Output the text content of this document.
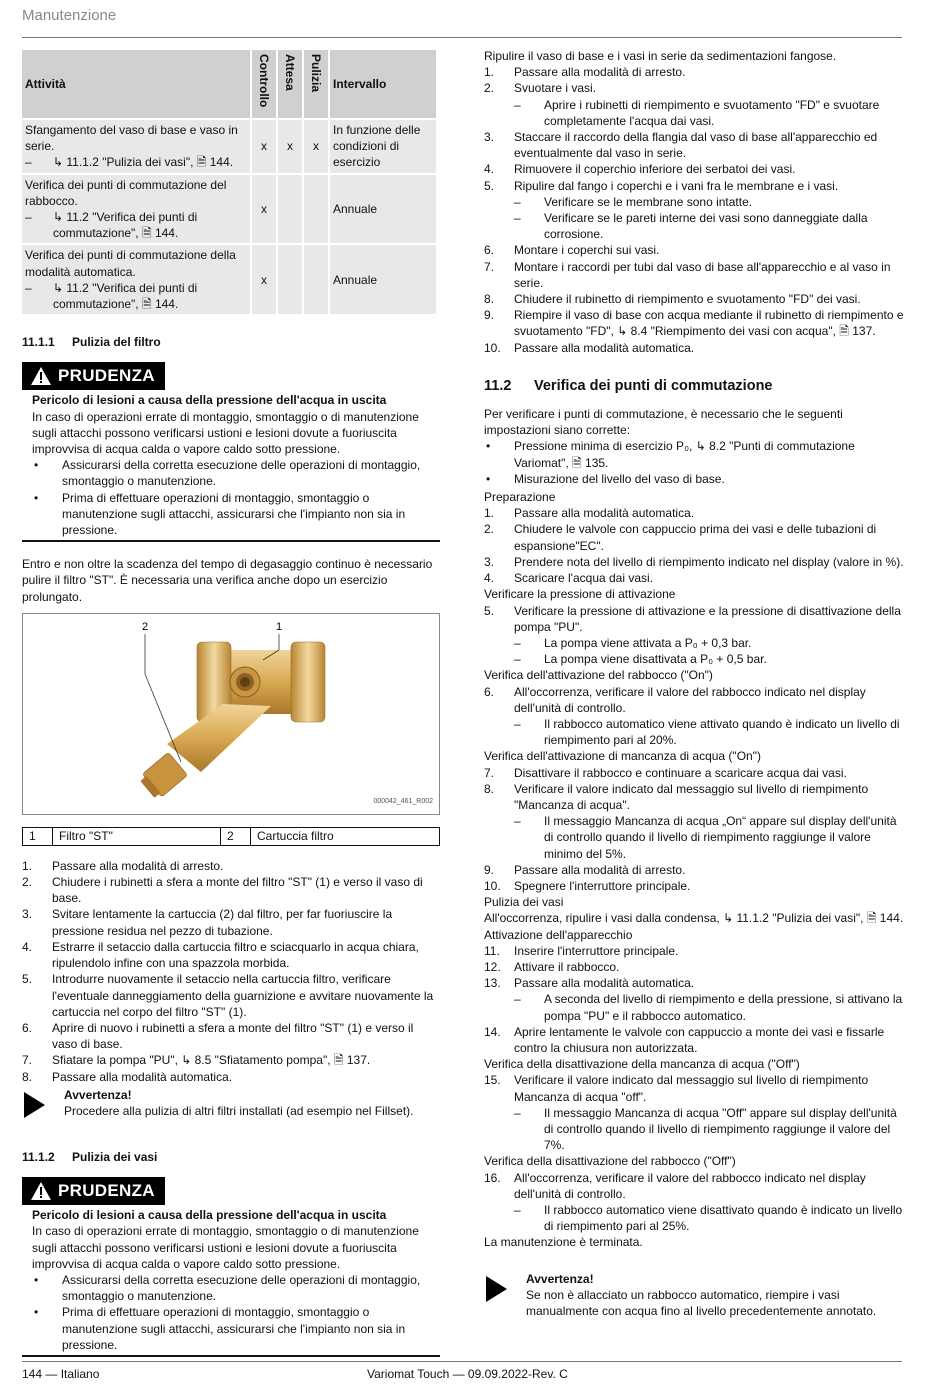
Manutenzione
Attività	Controllo	Attesa	Pulizia	Intervallo

Sfangamento del vaso di base e vaso in serie.
– ↳ 11.1.2 "Pulizia dei vasi", 🗎 144.	x	x	x	In funzione delle condizioni di esercizio

Verifica dei punti di commutazione del rabbocco.
– ↳ 11.2 "Verifica dei punti di commutazione", 🗎 144.	x			Annuale

Verifica dei punti di commutazione della modalità automatica.
– ↳ 11.2 "Verifica dei punti di commutazione", 🗎 144.	x			Annuale
11.1.1 Pulizia del filtro
PRUDENZA

Pericolo di lesioni a causa della pressione dell'acqua in uscita

In caso di operazioni errate di montaggio, smontaggio o di manutenzione sugli attacchi possono verificarsi ustioni e lesioni dovute a fuoriuscita improvvisa di acqua calda o vapore caldo sotto pressione.

•	Assicurarsi della corretta esecuzione delle operazioni di montaggio, smontaggio o manutenzione.
•	Prima di effettuare operazioni di montaggio, smontaggio o manutenzione sugli attacchi, assicurarsi che l'impianto non sia in pressione.

Entro e non oltre la scadenza del tempo di degasaggio continuo è necessario pulire il filtro "ST". È necessaria una verifica anche dopo un esercizio prolungato.

2	1
000042_461_R002
1	Filtro "ST"	2	Cartuccia filtro
1.	Passare alla modalità di arresto.
2.	Chiudere i rubinetti a sfera a monte del filtro "ST" (1) e verso il vaso di base.
3.	Svitare lentamente la cartuccia (2) dal filtro, per far fuoriuscire la pressione residua nel pezzo di tubazione.
4.	Estrarre il setaccio dalla cartuccia filtro e sciacquarlo in acqua chiara, ripulendolo infine con una spazzola morbida.
5.	Introdurre nuovamente il setaccio nella cartuccia filtro, verificare l'eventuale danneggiamento della guarnizione e avvitare nuovamente la cartuccia nel corpo del filtro "ST" (1).
6.	Aprire di nuovo i rubinetti a sfera a monte del filtro "ST" (1) e verso il vaso di base.
7.	Sfiatare la pompa "PU", ↳ 8.5 "Sfiatamento pompa", 🗎 137.
8.	Passare alla modalità automatica.

Avvertenza!

Procedere alla pulizia di altri filtri installati (ad esempio nel Fillset).

11.1.2 Pulizia dei vasi
PRUDENZA

Pericolo di lesioni a causa della pressione dell'acqua in uscita

In caso di operazioni errate di montaggio, smontaggio o di manutenzione sugli attacchi possono verificarsi ustioni e lesioni dovute a fuoriuscita improvvisa di acqua calda o vapore caldo sotto pressione.

•	Assicurarsi della corretta esecuzione delle operazioni di montaggio, smontaggio o manutenzione.
•	Prima di effettuare operazioni di montaggio, smontaggio o manutenzione sugli attacchi, assicurarsi che l'impianto non sia in pressione.

Ripulire il vaso di base e i vasi in serie da sedimentazioni fangose.

1.	Passare alla modalità di arresto.
2.	Svuotare i vasi.
–	Aprire i rubinetti di riempimento e svuotamento "FD" e svuotare completamente l'acqua dai vasi.
3.	Staccare il raccordo della flangia dal vaso di base all'apparecchio ed eventualmente dal vaso in serie.
4.	Rimuovere il coperchio inferiore dei serbatoi dei vasi.
5.	Ripulire dal fango i coperchi e i vani fra le membrane e i vasi.
–	Verificare se le membrane sono intatte.
–	Verificare se le pareti interne dei vasi sono danneggiate dalla corrosione.
6.	Montare i coperchi sui vasi.
7.	Montare i raccordi per tubi dal vaso di base all'apparecchio e al vaso in serie.
8.	Chiudere il rubinetto di riempimento e svuotamento "FD" dei vasi.
9.	Riempire il vaso di base con acqua mediante il rubinetto di riempimento e svuotamento "FD", ↳ 8.4 "Riempimento dei vasi con acqua", 🗎 137.
10.	Passare alla modalità automatica.
11.2 Verifica dei punti di commutazione

Per verificare i punti di commutazione, è necessario che le seguenti impostazioni siano corrette:

•	Pressione minima di esercizio P₀, ↳ 8.2 "Punti di commutazione Variomat", 🗎 135.
•	Misurazione del livello del vaso di base.

Preparazione

1.	Passare alla modalità automatica.
2.	Chiudere le valvole con cappuccio prima dei vasi e delle tubazioni di espansione"EC".
3.	Prendere nota del livello di riempimento indicato nel display (valore in %).
4.	Scaricare l'acqua dai vasi.

Verificare la pressione di attivazione

5.	Verificare la pressione di attivazione e la pressione di disattivazione della pompa "PU".
–	La pompa viene attivata a P₀ + 0,3 bar.
–	La pompa viene disattivata a P₀ + 0,5 bar.

Verifica dell'attivazione del rabbocco ("On")

6.	All'occorrenza, verificare il valore del rabbocco indicato nel display dell'unità di controllo.
–	Il rabbocco automatico viene attivato quando è indicato un livello di riempimento pari al 20%.

Verifica dell'attivazione di mancanza di acqua ("On")

7.	Disattivare il rabbocco e continuare a scaricare acqua dai vasi.
8.	Verificare il valore indicato dal messaggio sul livello di riempimento "Mancanza di acqua".
–	Il messaggio Mancanza di acqua „On“ appare sul display dell'unità di controllo quando il livello di riempimento raggiunge il valore minimo del 5%.
9.	Passare alla modalità di arresto.
10.	Spegnere l'interruttore principale.

Pulizia dei vasi

All'occorrenza, ripulire i vasi dalla condensa, ↳ 11.1.2 "Pulizia dei vasi", 🗎 144.

Attivazione dell'apparecchio

11.	Inserire l'interruttore principale.
12.	Attivare il rabbocco.
13.	Passare alla modalità automatica.
–	A seconda del livello di riempimento e della pressione, si attivano la pompa "PU" e il rabbocco automatico.
14.	Aprire lentamente le valvole con cappuccio a monte dei vasi e fissarle contro la chiusura non autorizzata.

Verifica della disattivazione della mancanza di acqua ("Off")

15.	Verificare il valore indicato dal messaggio sul livello di riempimento Mancanza di acqua "off".
–	Il messaggio Mancanza di acqua "Off" appare sul display dell'unità di controllo quando il livello di riempimento raggiunge il valore del 7%.

Verifica della disattivazione del rabbocco ("Off")

16.	All'occorrenza, verificare il valore del rabbocco indicato nel display dell'unità di controllo.
–	Il rabbocco automatico viene disattivato quando è indicato un livello di riempimento pari al 25%.

La manutenzione è terminata.

Avvertenza!

Se non è allacciato un rabbocco automatico, riempire i vasi manualmente con acqua fino al livello precedentemente annotato.

144 — Italiano	Variomat Touch — 09.09.2022-Rev. C
